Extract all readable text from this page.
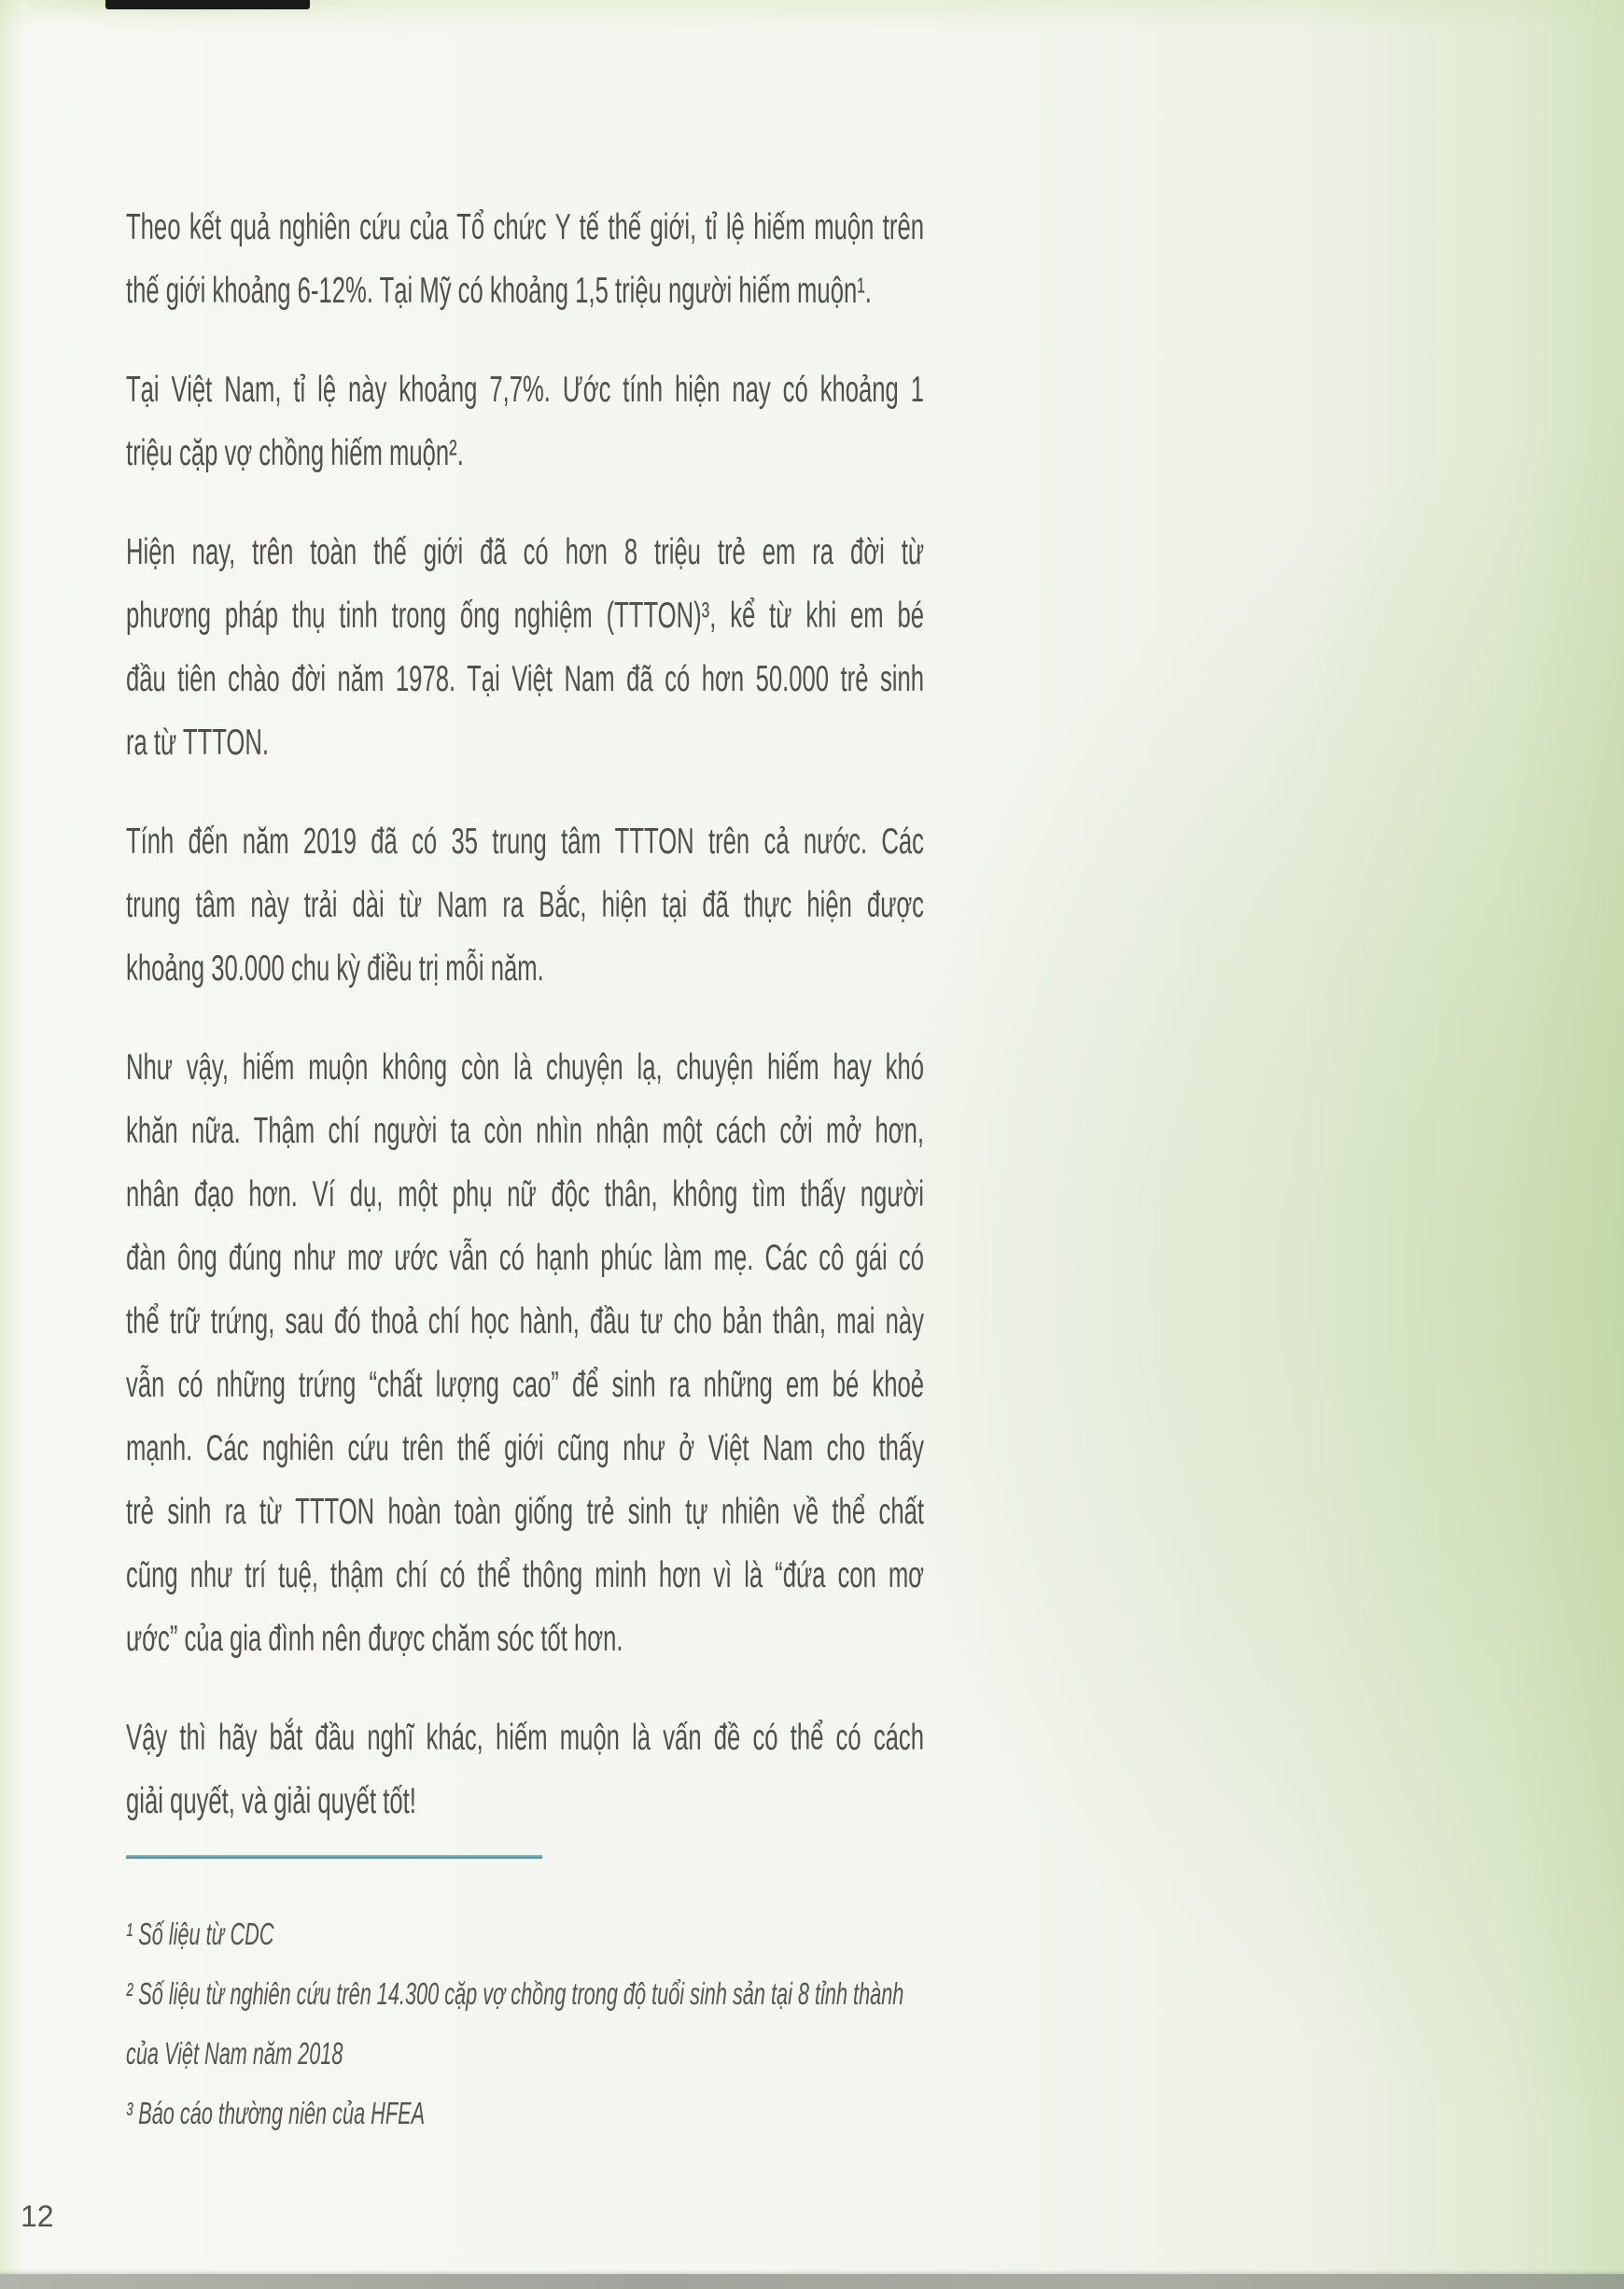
Theo kết quả nghiên cứu của Tổ chức Y tế thế giới, tỉ lệ hiếm muộn trên
thế giới khoảng 6-12%. Tại Mỹ có khoảng 1,5 triệu người hiếm muộn¹.
Tại Việt Nam, tỉ lệ này khoảng 7,7%. Ước tính hiện nay có khoảng 1
triệu cặp vợ chồng hiếm muộn².
Hiện nay, trên toàn thế giới đã có hơn 8 triệu trẻ em ra đời từ
phương pháp thụ tinh trong ống nghiệm (TTTON)³, kể từ khi em bé
đầu tiên chào đời năm 1978. Tại Việt Nam đã có hơn 50.000 trẻ sinh
ra từ TTTON.
Tính đến năm 2019 đã có 35 trung tâm TTTON trên cả nước. Các
trung tâm này trải dài từ Nam ra Bắc, hiện tại đã thực hiện được
khoảng 30.000 chu kỳ điều trị mỗi năm.
Như vậy, hiếm muộn không còn là chuyện lạ, chuyện hiếm hay khó
khăn nữa. Thậm chí người ta còn nhìn nhận một cách cởi mở hơn,
nhân đạo hơn. Ví dụ, một phụ nữ độc thân, không tìm thấy người
đàn ông đúng như mơ ước vẫn có hạnh phúc làm mẹ. Các cô gái có
thể trữ trứng, sau đó thoả chí học hành, đầu tư cho bản thân, mai này
vẫn có những trứng “chất lượng cao” để sinh ra những em bé khoẻ
mạnh. Các nghiên cứu trên thế giới cũng như ở Việt Nam cho thấy
trẻ sinh ra từ TTTON hoàn toàn giống trẻ sinh tự nhiên về thể chất
cũng như trí tuệ, thậm chí có thể thông minh hơn vì là “đứa con mơ
ước” của gia đình nên được chăm sóc tốt hơn.
Vậy thì hãy bắt đầu nghĩ khác, hiếm muộn là vấn đề có thể có cách
giải quyết, và giải quyết tốt!
¹ Số liệu từ CDC
² Số liệu từ nghiên cứu trên 14.300 cặp vợ chồng trong độ tuổi sinh sản tại 8 tỉnh thành
của Việt Nam năm 2018
³ Báo cáo thường niên của HFEA
12
